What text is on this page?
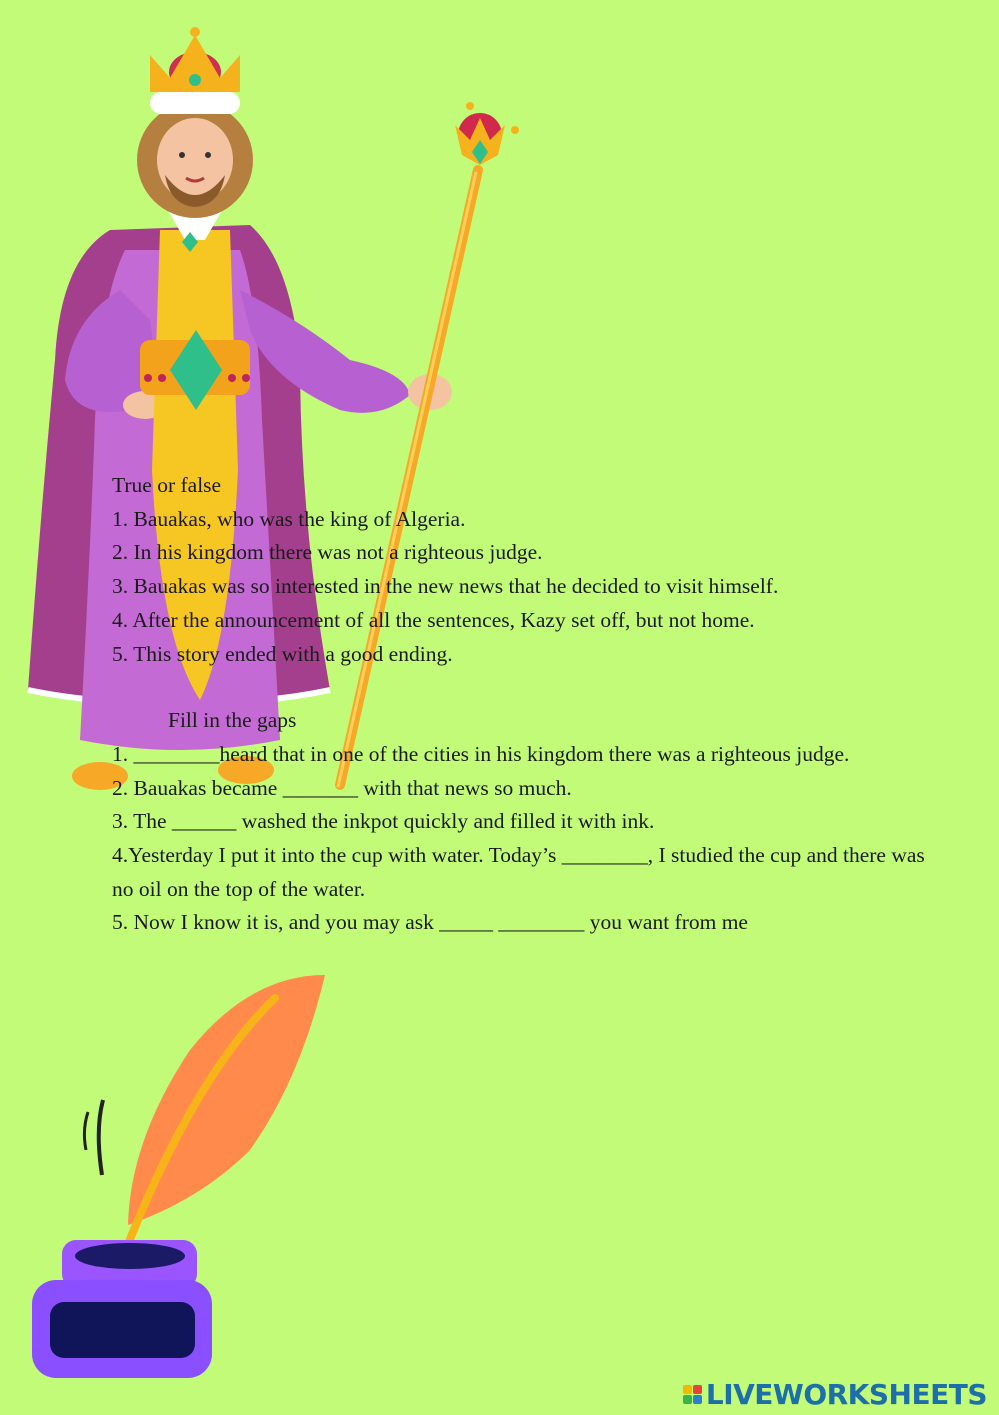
True or false
1. Bauakas, who was the king of Algeria.
2. In his kingdom there was not a righteous judge.
3. Bauakas was so interested in the new news that he decided to visit himself.
4. After the announcement of all the sentences, Kazy set off, but not home.
5. This story ended with a good ending.
Fill in the gaps
1. ________heard that in one of the cities in his kingdom there was a righteous judge.
2. Bauakas became _______ with that news so much.
3. The ______ washed the inkpot quickly and filled it with ink.
4.Yesterday I put it into the cup with water. Today’s ________, I studied the cup and there was no oil on the top of the water.
5. Now I know it is, and you may ask _____ ________ you want from me
LIVEWORKSHEETS
